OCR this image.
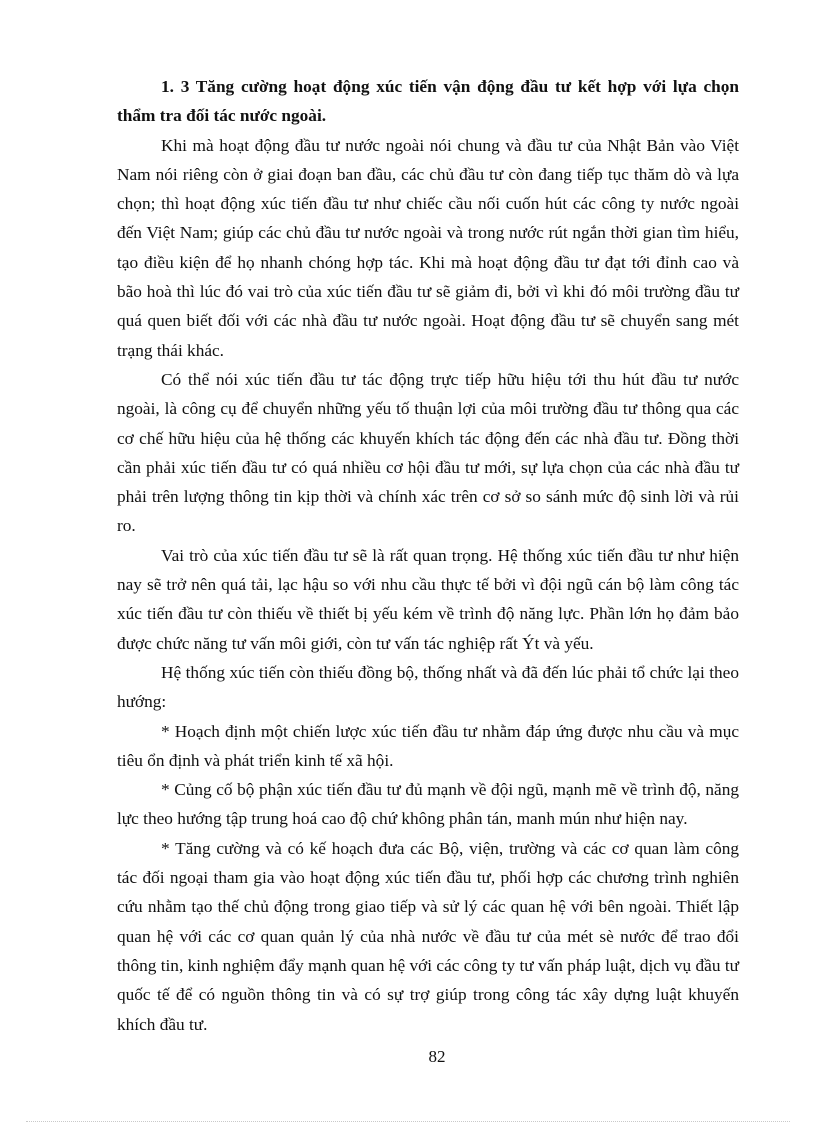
1. 3 Tăng cường hoạt động xúc tiến vận động đầu tư kết hợp với lựa chọn thẩm tra đối tác nước ngoài.

Khi mà hoạt động đầu tư nước ngoài nói chung và đầu tư của Nhật Bản vào Việt Nam nói riêng còn ở giai đoạn ban đầu, các chủ đầu tư còn đang tiếp tục thăm dò và lựa chọn; thì hoạt động xúc tiến đầu tư như chiếc cầu nối cuốn hút các công ty nước ngoài đến Việt Nam; giúp các chủ đầu tư nước ngoài và trong nước rút ngắn thời gian tìm hiểu, tạo điều kiện để họ nhanh chóng hợp tác. Khi mà hoạt động đầu tư đạt tới đỉnh cao và bão hoà thì lúc đó vai trò của xúc tiến đầu tư sẽ giảm đi, bởi vì khi đó môi trường đầu tư quá quen biết đối với các nhà đầu tư nước ngoài. Hoạt động đầu tư sẽ chuyển sang mét trạng thái khác.

Có thể nói xúc tiến đầu tư tác động trực tiếp hữu hiệu tới thu hút đầu tư nước ngoài, là công cụ để chuyển những yếu tố thuận lợi của môi trường đầu tư thông qua các cơ chế hữu hiệu của hệ thống các khuyến khích tác động đến các nhà đầu tư. Đồng thời cần phải xúc tiến đầu tư có quá nhiều cơ hội đầu tư mới, sự lựa chọn của các nhà đầu tư phải trên lượng thông tin kịp thời và chính xác trên cơ sở so sánh mức độ sinh lời và rủi ro.

Vai trò của xúc tiến đầu tư sẽ là rất quan trọng. Hệ thống xúc tiến đầu tư như hiện nay sẽ trở nên quá tải, lạc hậu so với nhu cầu thực tế bởi vì đội ngũ cán bộ làm công tác xúc tiến đầu tư còn thiếu về thiết bị yếu kém về trình độ năng lực. Phần lớn họ đảm bảo được chức năng tư vấn môi giới, còn tư vấn tác nghiệp rất Ýt và yếu.

Hệ thống xúc tiến còn thiếu đồng bộ, thống nhất và đã đến lúc phải tổ chức lại theo hướng:

* Hoạch định một chiến lược xúc tiến đầu tư nhằm đáp ứng được nhu cầu và mục tiêu ổn định và phát triển kinh tế xã hội.

* Củng cố bộ phận xúc tiến đầu tư đủ mạnh về đội ngũ, mạnh mẽ về trình độ, năng lực theo hướng tập trung hoá cao độ chứ không phân tán, manh mún như hiện nay.

* Tăng cường và có kế hoạch đưa các Bộ, viện, trường và các cơ quan làm công tác đối ngoại tham gia vào hoạt động xúc tiến đầu tư, phối hợp các chương trình nghiên cứu nhằm tạo thế chủ động trong giao tiếp và sử lý các quan hệ với bên ngoài. Thiết lập quan hệ với các cơ quan quản lý của nhà nước về đầu tư của mét sè nước để trao đổi thông tin, kinh nghiệm đẩy mạnh quan hệ với các công ty tư vấn pháp luật, dịch vụ đầu tư quốc tế để có nguồn thông tin và có sự trợ giúp trong công tác xây dựng luật khuyến khích đầu tư.

82
